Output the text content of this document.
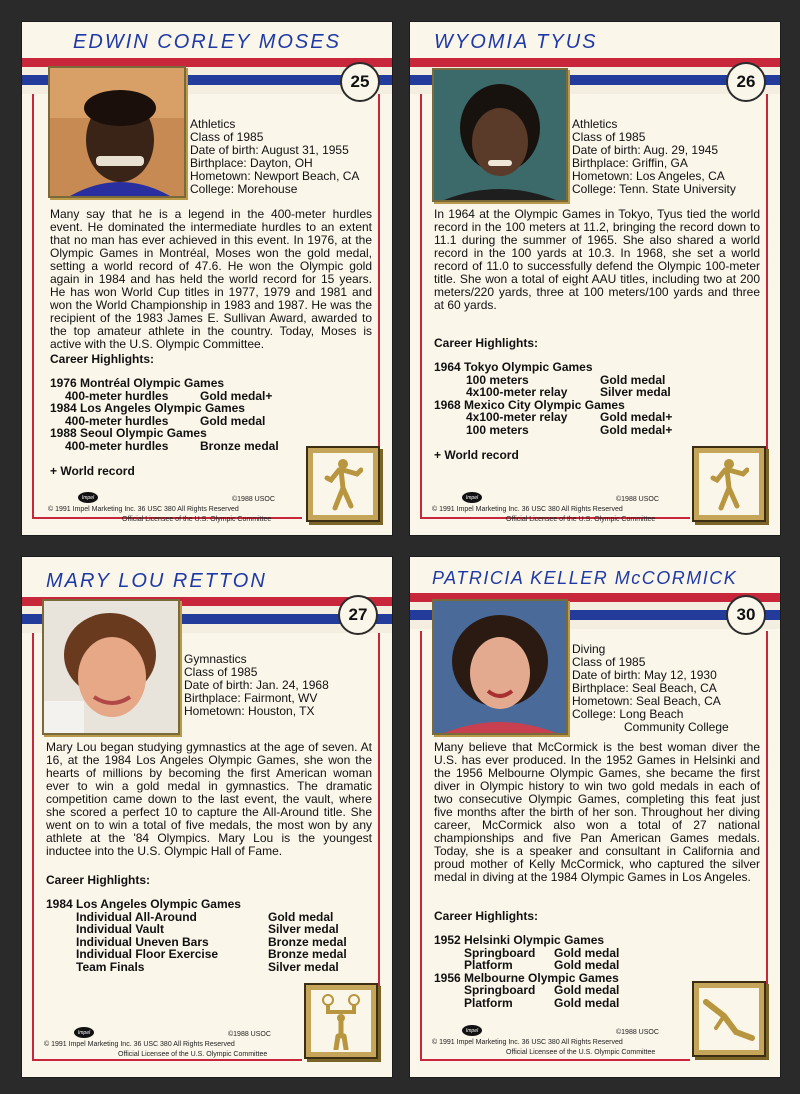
EDWIN CORLEY MOSES
25
Athletics
Class of 1985
Date of birth: August 31, 1955
Birthplace: Dayton, OH
Hometown: Newport Beach, CA
College: Morehouse
Many say that he is a legend in the 400-meter hurdles event. He dominated the intermediate hurdles to an extent that no man has ever achieved in this event. In 1976, at the Olympic Games in Montréal, Moses won the gold medal, setting a world record of 47.6. He won the Olympic gold again in 1984 and has held the world record for 15 years. He has won World Cup titles in 1977, 1979 and 1981 and won the World Championship in 1983 and 1987. He was the recipient of the 1983 James E. Sullivan Award, awarded to the top amateur athlete in the country. Today, Moses is active with the U.S. Olympic Committee.
Career Highlights:
1976 Montréal Olympic Games
400-meter hurdles	Gold medal+
1984 Los Angeles Olympic Games
400-meter hurdles	Gold medal
1988 Seoul Olympic Games
400-meter hurdles	Bronze medal
+ World record
Impel	©1988 USOC
© 1991 Impel Marketing Inc. 36 USC 380 All Rights Reserved
Official Licensee of the U.S. Olympic Committee
WYOMIA TYUS
26
Athletics
Class of 1985
Date of birth: Aug. 29, 1945
Birthplace: Griffin, GA
Hometown: Los Angeles, CA
College: Tenn. State University
In 1964 at the Olympic Games in Tokyo, Tyus tied the world record in the 100 meters at 11.2, bringing the record down to 11.1 during the summer of 1965. She also shared a world record in the 100 yards at 10.3. In 1968, she set a world record of 11.0 to successfully defend the Olympic 100-meter title. She won a total of eight AAU titles, including two at 200 meters/220 yards, three at 100 meters/100 yards and three at 60 yards.
Career Highlights:
1964 Tokyo Olympic Games
100 meters	Gold medal
4x100-meter relay	Silver medal
1968 Mexico City Olympic Games
4x100-meter relay	Gold medal+
100 meters	Gold medal+
+ World record
Impel	©1988 USOC
© 1991 Impel Marketing Inc. 36 USC 380 All Rights Reserved
Official Licensee of the U.S. Olympic Committee
MARY LOU RETTON
27
Gymnastics
Class of 1985
Date of birth: Jan. 24, 1968
Birthplace: Fairmont, WV
Hometown: Houston, TX
Mary Lou began studying gymnastics at the age of seven. At 16, at the 1984 Los Angeles Olympic Games, she won the hearts of millions by becoming the first American woman ever to win a gold medal in gymnastics. The dramatic competition came down to the last event, the vault, where she scored a perfect 10 to capture the All-Around title. She went on to win a total of five medals, the most won by any athlete at the '84 Olympics. Mary Lou is the youngest inductee into the U.S. Olympic Hall of Fame.
Career Highlights:
1984 Los Angeles Olympic Games
Individual All-Around	Gold medal
Individual Vault	Silver medal
Individual Uneven Bars	Bronze medal
Individual Floor Exercise	Bronze medal
Team Finals	Silver medal
Impel	©1988 USOC
© 1991 Impel Marketing Inc. 36 USC 380 All Rights Reserved
Official Licensee of the U.S. Olympic Committee
PATRICIA KELLER McCORMICK
30
Diving
Class of 1985
Date of birth: May 12, 1930
Birthplace: Seal Beach, CA
Hometown: Seal Beach, CA
College: Long Beach
Community College
Many believe that McCormick is the best woman diver the U.S. has ever produced. In the 1952 Games in Helsinki and the 1956 Melbourne Olympic Games, she became the first diver in Olympic history to win two gold medals in each of two consecutive Olympic Games, completing this feat just five months after the birth of her son. Throughout her diving career, McCormick also won a total of 27 national championships and five Pan American Games medals. Today, she is a speaker and consultant in California and proud mother of Kelly McCormick, who captured the silver medal in diving at the 1984 Olympic Games in Los Angeles.
Career Highlights:
1952 Helsinki Olympic Games
Springboard Gold medal
Platform	Gold medal
1956 Melbourne Olympic Games
Springboard Gold medal
Platform	Gold medal
Impel	©1988 USOC
© 1991 Impel Marketing Inc. 36 USC 380 All Rights Reserved
Official Licensee of the U.S. Olympic Committee
